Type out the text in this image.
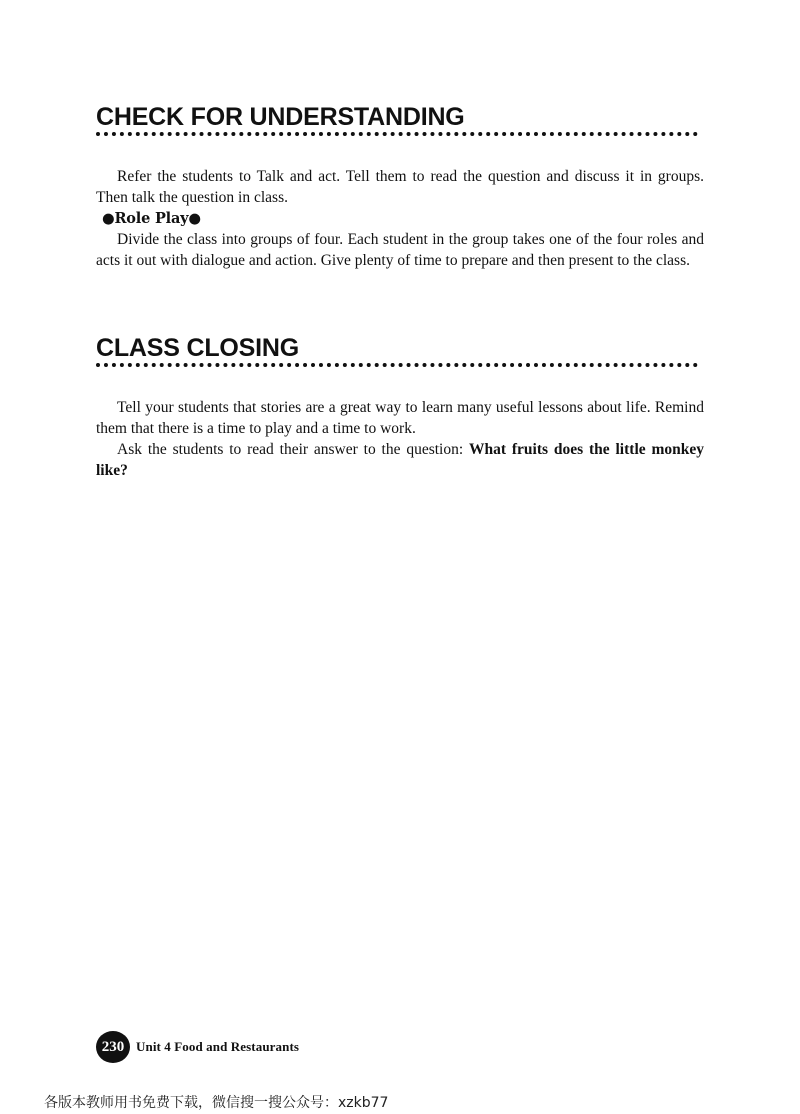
CHECK FOR UNDERSTANDING

Refer the students to Talk and act. Tell them to read the question and discuss it in groups. Then talk the question in class.

●Role Play●

Divide the class into groups of four. Each student in the group takes one of the four roles and acts it out with dialogue and action. Give plenty of time to prepare and then present to the class.

CLASS CLOSING

Tell your students that stories are a great way to learn many useful lessons about life. Remind them that there is a time to play and a time to work.

Ask the students to read their answer to the question: What fruits does the little monkey like?

230 Unit 4 Food and Restaurants
各版本教师用书免费下载，微信搜一搜公众号：xzkb77
